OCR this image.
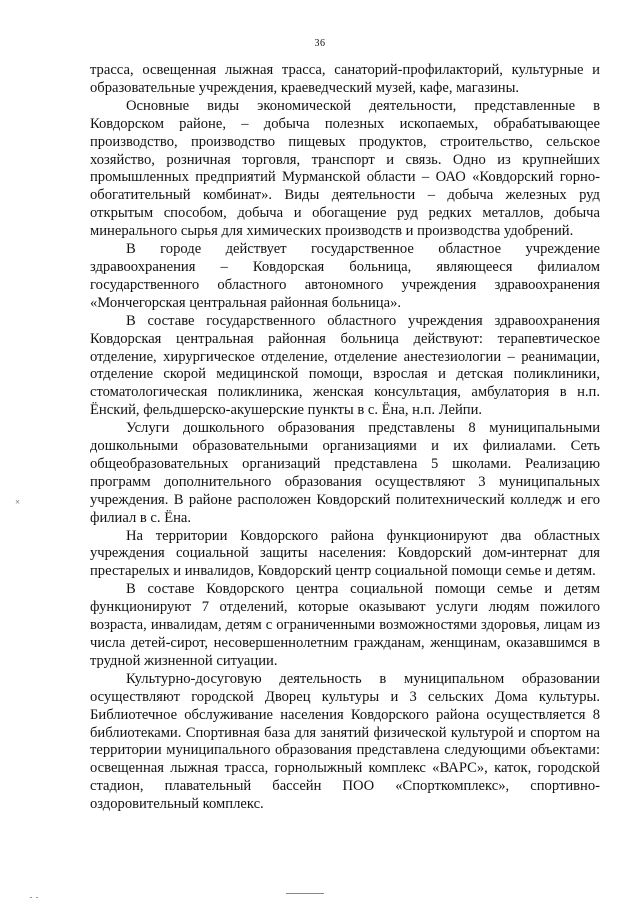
36
×

трасса, освещенная лыжная трасса, санаторий-профилакторий, культурные и образовательные учреждения, краеведческий музей, кафе, магазины.

Основные виды экономической деятельности, представленные в Ковдорском районе, – добыча полезных ископаемых, обрабатывающее производство, производство пищевых продуктов, строительство, сельское хозяйство, розничная торговля, транспорт и связь. Одно из крупнейших промышленных предприятий Мурманской области – ОАО «Ковдорский горно-обогатительный комбинат». Виды деятельности – добыча железных руд открытым способом, добыча и обогащение руд редких металлов, добыча минерального сырья для химических производств и производства удобрений.

В городе действует государственное областное учреждение здравоохранения – Ковдорская больница, являющееся филиалом государственного областного автономного учреждения здравоохранения «Мончегорская центральная районная больница».

В составе государственного областного учреждения здравоохранения Ковдорская центральная районная больница действуют: терапевтическое отделение, хирургическое отделение, отделение анестезиологии – реанимации, отделение скорой медицинской помощи, взрослая и детская поликлиники, стоматологическая поликлиника, женская консультация, амбулатория в н.п. Ёнский, фельдшерско-акушерские пункты в с. Ёна, н.п. Лейпи.

Услуги дошкольного образования представлены 8 муниципальными дошкольными образовательными организациями и их филиалами. Сеть общеобразовательных организаций представлена 5 школами. Реализацию программ дополнительного образования осуществляют 3 муниципальных учреждения. В районе расположен Ковдорский политехнический колледж и его филиал в с. Ёна.

На территории Ковдорского района функционируют два областных учреждения социальной защиты населения: Ковдорский дом-интернат для престарелых и инвалидов, Ковдорский центр социальной помощи семье и детям.

В составе Ковдорского центра социальной помощи семье и детям функционируют 7 отделений, которые оказывают услуги людям пожилого возраста, инвалидам, детям с ограниченными возможностями здоровья, лицам из числа детей-сирот, несовершеннолетним гражданам, женщинам, оказавшимся в трудной жизненной ситуации.

Культурно-досуговую деятельность в муниципальном образовании осуществляют городской Дворец культуры и 3 сельских Дома культуры. Библиотечное обслуживание населения Ковдорского района осуществляется 8 библиотеками. Спортивная база для занятий физической культурой и спортом на территории муниципального образования представлена следующими объектами: освещенная лыжная трасса, горнолыжный комплекс «ВАРС», каток, городской стадион, плавательный бассейн ПОО «Спорткомплекс», спортивно-оздоровительный комплекс.
